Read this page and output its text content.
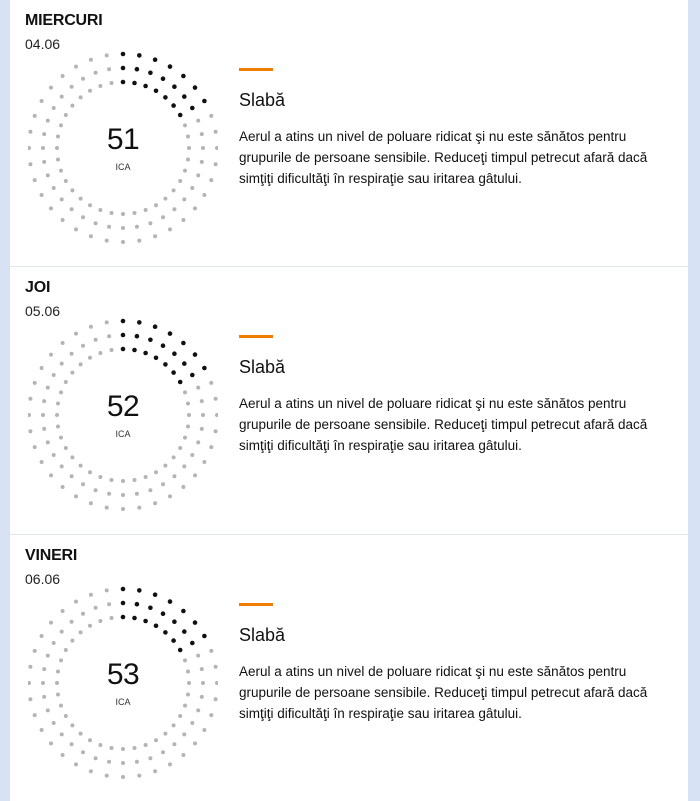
MIERCURI
04.06
51
ICA
Slabă
Aerul a atins un nivel de poluare ridicat şi nu este sănătos pentru grupurile de persoane sensibile. Reduceţi timpul petrecut afară dacă simţiţi dificultăţi în respiraţie sau iritarea gâtului.
JOI
05.06
52
ICA
Slabă
Aerul a atins un nivel de poluare ridicat şi nu este sănătos pentru grupurile de persoane sensibile. Reduceţi timpul petrecut afară dacă simţiţi dificultăţi în respiraţie sau iritarea gâtului.
VINERI
06.06
53
ICA
Slabă
Aerul a atins un nivel de poluare ridicat şi nu este sănătos pentru grupurile de persoane sensibile. Reduceţi timpul petrecut afară dacă simţiţi dificultăţi în respiraţie sau iritarea gâtului.
